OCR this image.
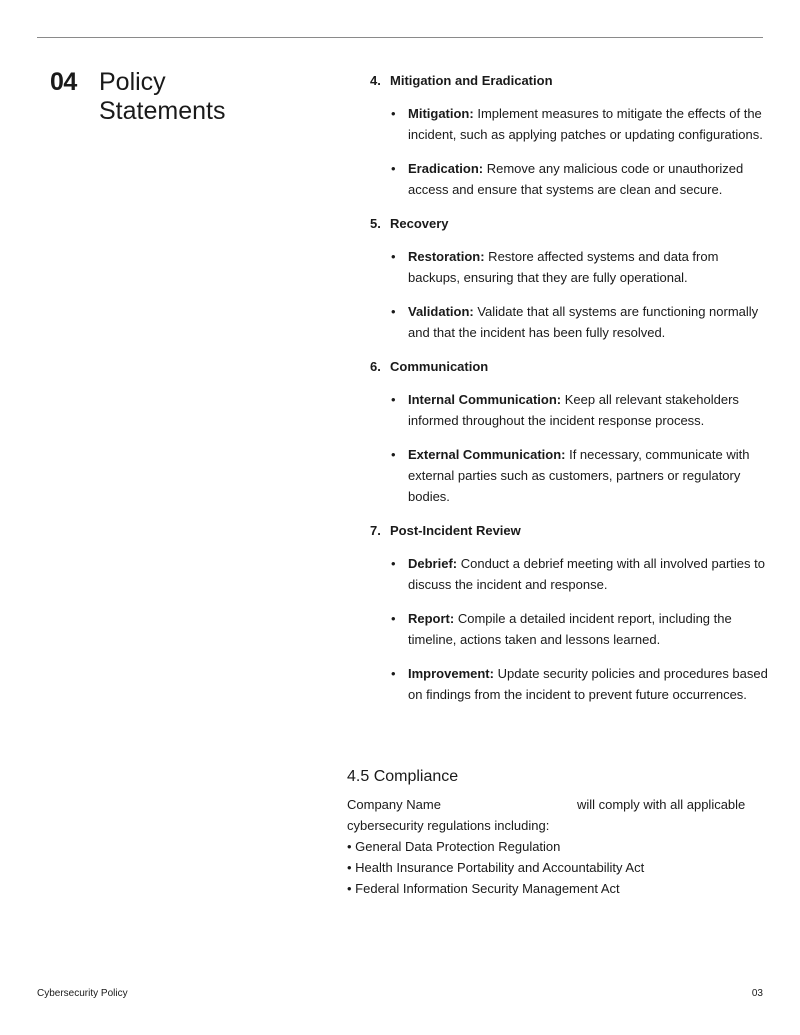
04 Policy Statements
4. Mitigation and Eradication
• Mitigation: Implement measures to mitigate the effects of the incident, such as applying patches or updating configurations.
• Eradication: Remove any malicious code or unauthorized access and ensure that systems are clean and secure.
5. Recovery
• Restoration: Restore affected systems and data from backups, ensuring that they are fully operational.
• Validation: Validate that all systems are functioning normally and that the incident has been fully resolved.
6. Communication
• Internal Communication: Keep all relevant stakeholders informed throughout the incident response process.
• External Communication: If necessary, communicate with external parties such as customers, partners or regulatory bodies.
7. Post-Incident Review
• Debrief: Conduct a debrief meeting with all involved parties to discuss the incident and response.
• Report: Compile a detailed incident report, including the timeline, actions taken and lessons learned.
• Improvement: Update security policies and procedures based on findings from the incident to prevent future occurrences.
4.5 Compliance
Company Name	will comply with all applicable
cybersecurity regulations including:
• General Data Protection Regulation
• Health Insurance Portability and Accountability Act
• Federal Information Security Management Act
Cybersecurity Policy	03
